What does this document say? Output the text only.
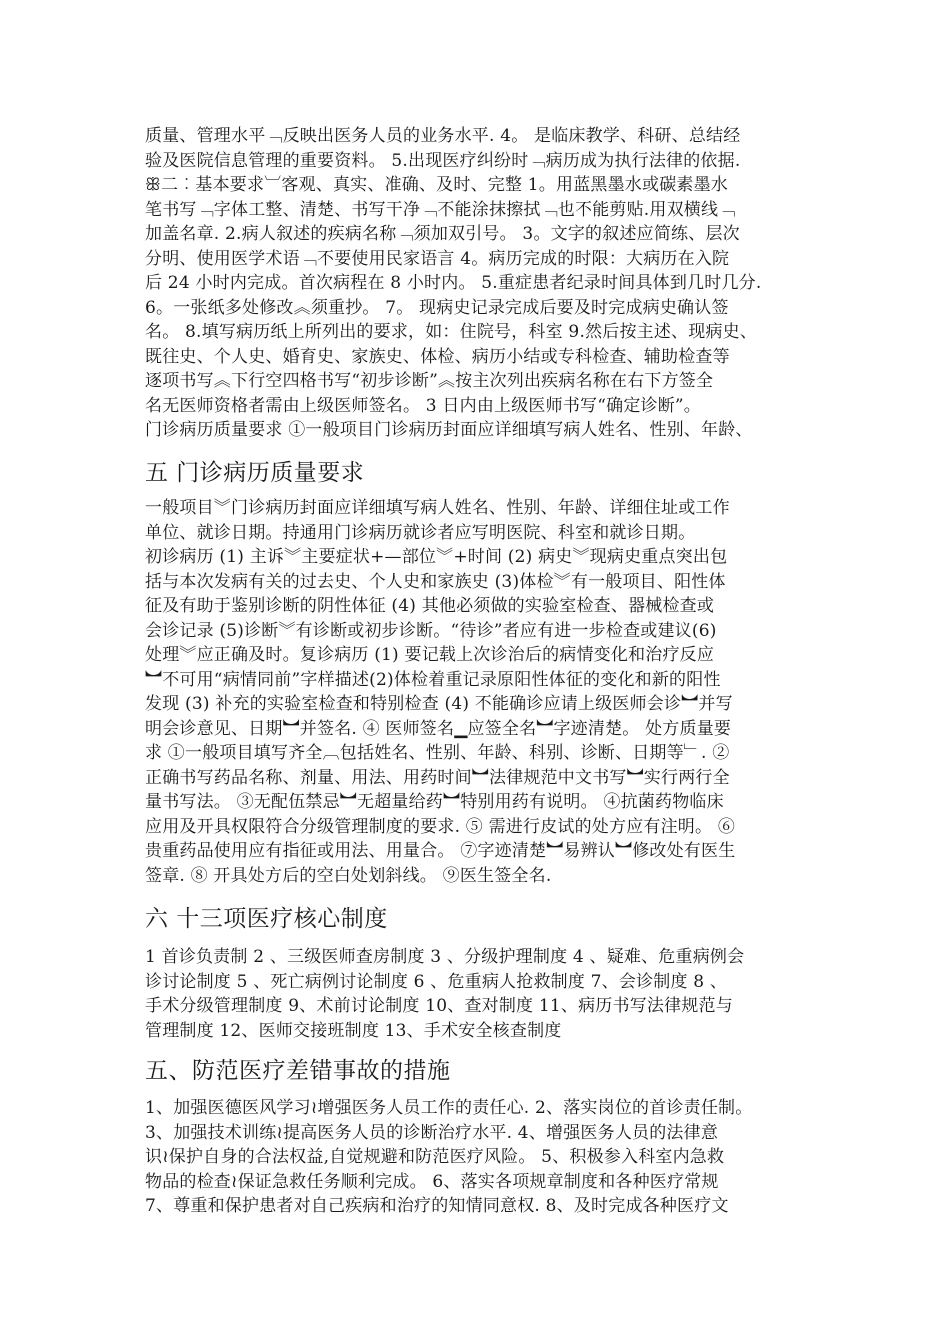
质量、管理水平﹁反映出医务人员的业务水平. 4。 是临床教学、科研、总结经
验及医院信息管理的重要资料。 5.出现医疗纠纷时﹁病历成为执行法律的依据.
ꕥ二︰基本要求︺客观、真实、准确、及时、完整 1。用蓝黑墨水或碳素墨水
笔书写﹁字体工整、清楚、书写干净﹁不能涂抹擦拭﹁也不能剪贴.用双横线﹁
加盖名章. 2.病人叙述的疾病名称﹁须加双引号。 3。文字的叙述应简练、层次
分明、使用医学术语﹁不要使用民家语言 4。病历完成的时限：大病历在入院
后 24 小时内完成。首次病程在 8 小时内。 5.重症患者纪录时间具体到几时几分.
6。一张纸多处修改︽须重抄。 7。 现病史记录完成后要及时完成病史确认签
名。 8.填写病历纸上所列出的要求，如：住院号，科室 9.然后按主述、现病史、
既往史、个人史、婚育史、家族史、体检、病历小结或专科检查、辅助检查等
逐项书写︽下行空四格书写“初步诊断”︽按主次列出疾病名称在右下方签全
名无医师资格者需由上级医师签名。 3 日内由上级医师书写“确定诊断”。
门诊病历质量要求 ①一般项目门诊病历封面应详细填写病人姓名、性别、年龄、
五 门诊病历质量要求
一般项目︾门诊病历封面应详细填写病人姓名、性别、年龄、详细住址或工作
单位、就诊日期。持通用门诊病历就诊者应写明医院、科室和就诊日期。
初诊病历 (1) 主诉︾主要症状+—部位︾+时间 (2) 病史︾现病史重点突出包
括与本次发病有关的过去史、个人史和家族史 (3)体检︾有一般项目、阳性体
征及有助于鉴别诊断的阴性体征 (4) 其他必须做的实验室检查、器械检查或
会诊记录 (5)诊断︾有诊断或初步诊断。“待诊”者应有进一步检查或建议(6)
处理︾应正确及时。复诊病历 (1) 要记载上次诊治后的病情变化和治疗反应
︼不可用“病情同前”字样描述(2)体检着重记录原阳性体征的变化和新的阳性
发现 (3) 补充的实验室检查和特别检查 (4) 不能确诊应请上级医师会诊︼并写
明会诊意见、日期︼并签名. ④ 医师签名▁应签全名︼字迹清楚。 处方质量要
求 ①一般项目填写齐全︹包括姓名、性别、年龄、科别、诊断、日期等﹂. ②
正确书写药品名称、剂量、用法、用药时间︼法律规范中文书写︼实行两行全
量书写法。 ③无配伍禁忌︼无超量给药︼特别用药有说明。 ④抗菌药物临床
应用及开具权限符合分级管理制度的要求. ⑤ 需进行皮试的处方应有注明。 ⑥
贵重药品使用应有指征或用法、用量合。 ⑦字迹清楚︼易辨认︼修改处有医生
签章. ⑧ 开具处方后的空白处划斜线。 ⑨医生签全名.
六 十三项医疗核心制度
1 首诊负责制 2 、三级医师查房制度 3 、分级护理制度 4 、疑难、危重病例会
诊讨论制度 5 、死亡病例讨论制度 6 、危重病人抢救制度 7、会诊制度 8 、
手术分级管理制度 9、术前讨论制度 10、查对制度 11、病历书写法律规范与
管理制度 12、医师交接班制度 13、手术安全核查制度
五、防范医疗差错事故的措施
1、加强医德医风学习≀增强医务人员工作的责任心. 2、落实岗位的首诊责任制。
3、加强技术训练≀提高医务人员的诊断治疗水平. 4、增强医务人员的法律意
识≀保护自身的合法权益,自觉规避和防范医疗风险。 5、积极参入科室内急救
物品的检查≀保证急救任务顺利完成。 6、落实各项规章制度和各种医疗常规
7、尊重和保护患者对自己疾病和治疗的知情同意权. 8、及时完成各种医疗文
